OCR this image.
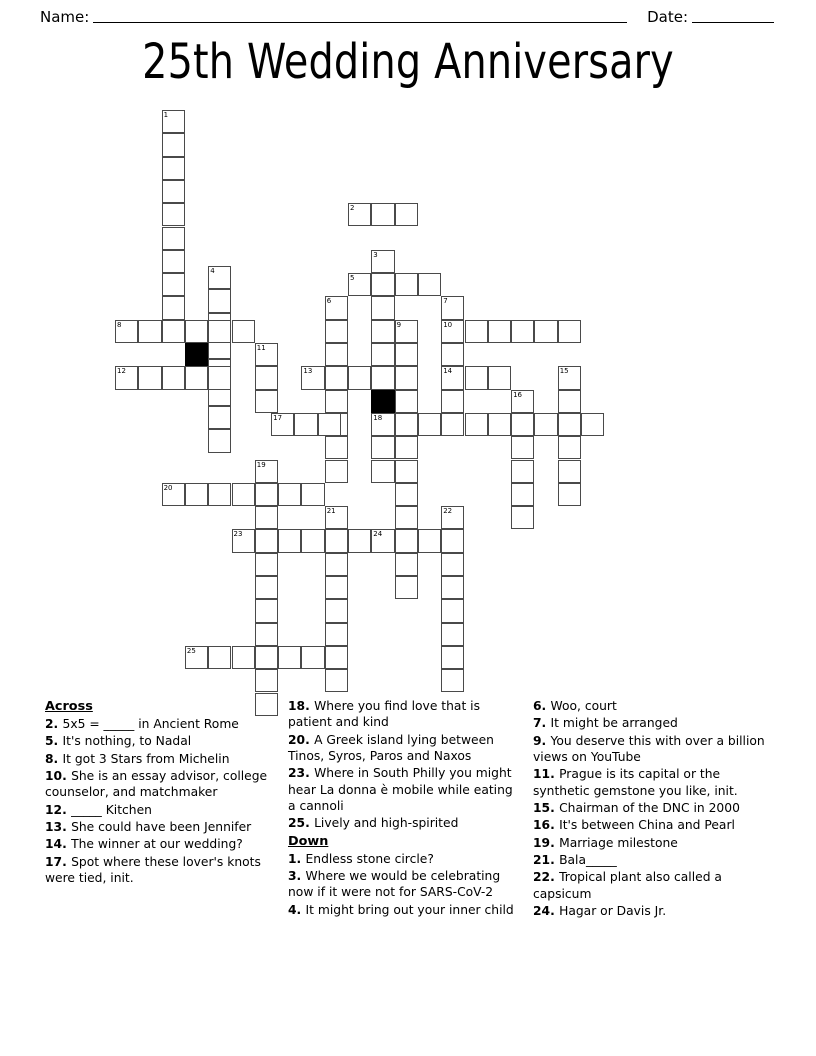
Name:	Date:
25th Wedding Anniversary
1
2
3
18
4
5
6	7
10
14
8	9
11
12	13	15
16
17
19
20
21	22
23	24
25
Across
2. 5x5 = _____ in Ancient Rome
5. It's nothing, to Nadal
8. It got 3 Stars from Michelin
10. She is an essay advisor, college counselor, and matchmaker
12. _____ Kitchen
13. She could have been Jennifer
14. The winner at our wedding?
17. Spot where these lover's knots were tied, init.
18. Where you find love that is patient and kind
20. A Greek island lying between Tinos, Syros, Paros and Naxos
23. Where in South Philly you might hear La donna è mobile while eating a cannoli
25. Lively and high-spirited
Down
1. Endless stone circle?
3. Where we would be celebrating now if it were not for SARS-CoV-2
4. It might bring out your inner child
6. Woo, court
7. It might be arranged
9. You deserve this with over a billion views on YouTube
11. Prague is its capital or the synthetic gemstone you like, init.
15. Chairman of the DNC in 2000
16. It's between China and Pearl
19. Marriage milestone
21. Bala_____
22. Tropical plant also called a capsicum
24. Hagar or Davis Jr.
